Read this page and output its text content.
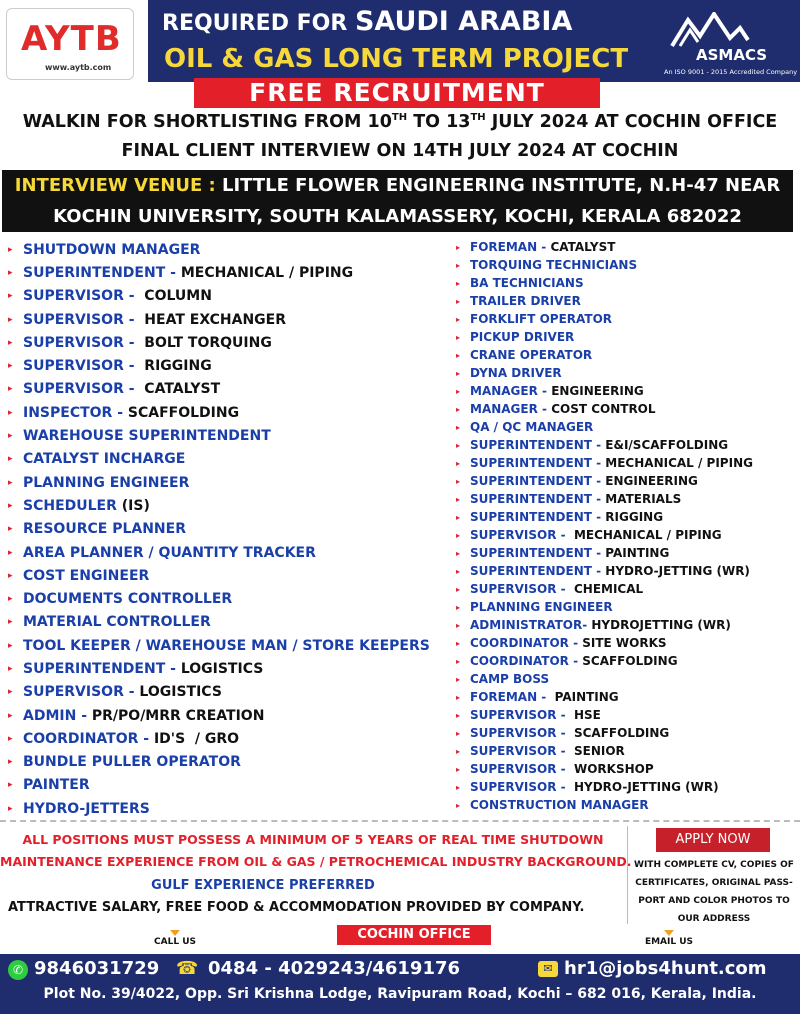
AYTB
www.aytb.com
REQUIRED FOR SAUDI ARABIA
OIL & GAS LONG TERM PROJECT	ASMACS
An ISO 9001 - 2015 Accredited Company
FREE RECRUITMENT
WALKIN FOR SHORTLISTING FROM 10TH TO 13TH JULY 2024 AT COCHIN OFFICE
FINAL CLIENT INTERVIEW ON 14TH JULY 2024 AT COCHIN
INTERVIEW VENUE : LITTLE FLOWER ENGINEERING INSTITUTE, N.H-47 NEAR
KOCHIN UNIVERSITY, SOUTH KALAMASSERY, KOCHI, KERALA 682022
▸ SHUTDOWN MANAGER
▸ SUPERINTENDENT - MECHANICAL / PIPING
▸ SUPERVISOR - COLUMN
▸ SUPERVISOR - HEAT EXCHANGER
▸ SUPERVISOR - BOLT TORQUING
▸ SUPERVISOR - RIGGING
▸ SUPERVISOR - CATALYST
▸ INSPECTOR - SCAFFOLDING
▸ WAREHOUSE SUPERINTENDENT
▸ CATALYST INCHARGE
▸ PLANNING ENGINEER
▸ SCHEDULER (IS)
▸ RESOURCE PLANNER
▸ AREA PLANNER / QUANTITY TRACKER
▸ COST ENGINEER
▸ DOCUMENTS CONTROLLER
▸ MATERIAL CONTROLLER
▸ TOOL KEEPER / WAREHOUSE MAN / STORE KEEPERS
▸ SUPERINTENDENT - LOGISTICS
▸ SUPERVISOR - LOGISTICS
▸ ADMIN - PR/PO/MRR CREATION
▸ COORDINATOR - ID'S  / GRO
▸ BUNDLE PULLER OPERATOR
▸ PAINTER
▸ HYDRO-JETTERS
▸ FOREMAN - CATALYST
▸ TORQUING TECHNICIANS
▸ BA TECHNICIANS
▸ TRAILER DRIVER
▸ FORKLIFT OPERATOR
▸ PICKUP DRIVER
▸ CRANE OPERATOR
▸ DYNA DRIVER
▸ MANAGER - ENGINEERING
▸ MANAGER - COST CONTROL
▸ QA / QC MANAGER
▸ SUPERINTENDENT - E&I/SCAFFOLDING
▸ SUPERINTENDENT - MECHANICAL / PIPING
▸ SUPERINTENDENT - ENGINEERING
▸ SUPERINTENDENT - MATERIALS
▸ SUPERINTENDENT - RIGGING
▸ SUPERVISOR - MECHANICAL / PIPING
▸ SUPERINTENDENT - PAINTING
▸ SUPERINTENDENT - HYDRO-JETTING (WR)
▸ SUPERVISOR - CHEMICAL
▸ PLANNING ENGINEER
▸ ADMINISTRATOR- HYDROJETTING (WR)
▸ COORDINATOR - SITE WORKS
▸ COORDINATOR - SCAFFOLDING
▸ CAMP BOSS
▸ FOREMAN - PAINTING
▸ SUPERVISOR - HSE
▸ SUPERVISOR - SCAFFOLDING
▸ SUPERVISOR - SENIOR
▸ SUPERVISOR - WORKSHOP
▸ SUPERVISOR - HYDRO-JETTING (WR)
▸ CONSTRUCTION MANAGER
ALL POSITIONS MUST POSSESS A MINIMUM OF 5 YEARS OF REAL TIME SHUTDOWN
MAINTENANCE EXPERIENCE FROM OIL & GAS / PETROCHEMICAL INDUSTRY BACKGROUND.
GULF EXPERIENCE PREFERRED
ATTRACTIVE SALARY, FREE FOOD & ACCOMMODATION PROVIDED BY COMPANY.
APPLY NOW
WITH COMPLETE CV, COPIES OF CERTIFICATES, ORIGINAL PASS-PORT AND COLOR PHOTOS TO OUR ADDRESS
CALL US	COCHIN OFFICE	EMAIL US
✆ 9846031729 ☎ 0484 - 4029243/4619176	✉ hr1@jobs4hunt.com
Plot No. 39/4022, Opp. Sri Krishna Lodge, Ravipuram Road, Kochi – 682 016, Kerala, India.
